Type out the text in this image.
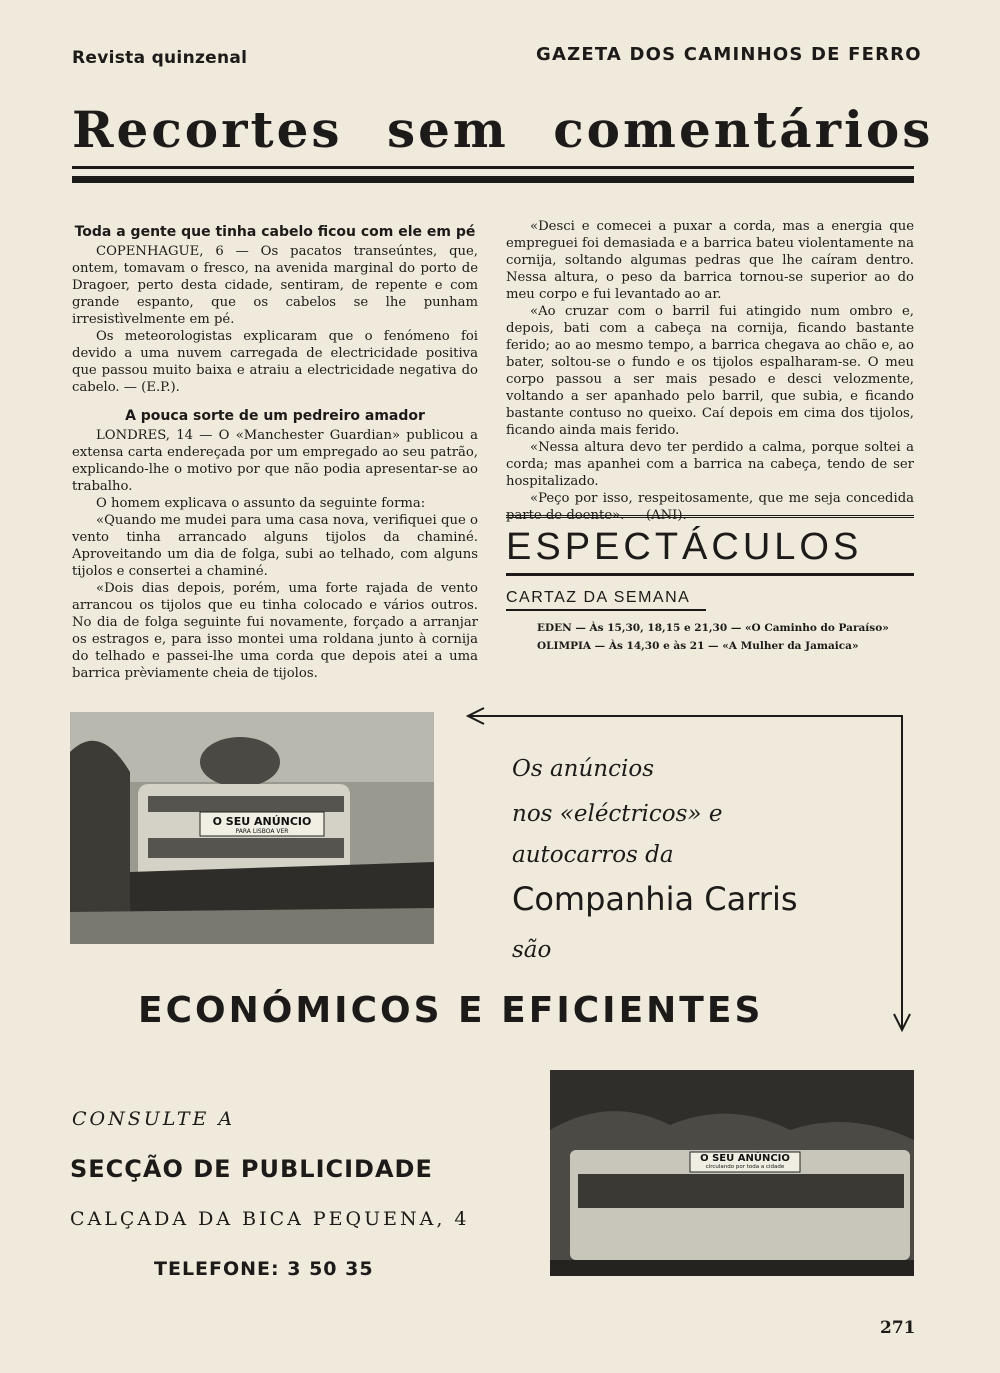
Revista quinzenal	GAZETA DOS CAMINHOS DE FERRO
Recortes sem comentários
Toda a gente que tinha cabelo ficou com ele em pé

COPENHAGUE, 6 — Os pacatos transeúntes, que, ontem, tomavam o fresco, na avenida marginal do porto de Dragoer, perto desta cidade, sentiram, de repente e com grande espanto, que os cabelos se lhe punham irresistìvelmente em pé.

Os meteorologistas explicaram que o fenómeno foi devido a uma nuvem carregada de electricidade positiva que passou muito baixa e atraiu a electricidade negativa do cabelo. — (E.P.).

A pouca sorte de um pedreiro amador

LONDRES, 14 — O «Manchester Guardian» publicou a extensa carta endereçada por um empregado ao seu patrão, explicando-lhe o motivo por que não podia apresentar-se ao trabalho.

O homem explicava o assunto da seguinte forma:

«Quando me mudei para uma casa nova, verifiquei que o vento tinha arrancado alguns tijolos da chaminé. Aproveitando um dia de folga, subi ao telhado, com alguns tijolos e consertei a chaminé.

«Dois dias depois, porém, uma forte rajada de vento arrancou os tijolos que eu tinha colocado e vários outros. No dia de folga seguinte fui novamente, forçado a arranjar os estragos e, para isso montei uma roldana junto à cornija do telhado e passei-lhe uma corda que depois atei a uma barrica prèviamente cheia de tijolos.

«Desci e comecei a puxar a corda, mas a energia que empreguei foi demasiada e a barrica bateu violentamente na cornija, soltando algumas pedras que lhe caíram dentro. Nessa altura, o peso da barrica tornou-se superior ao do meu corpo e fui levantado ao ar.

«Ao cruzar com o barril fui atingido num ombro e, depois, bati com a cabeça na cornija, ficando bastante ferido; ao ao mesmo tempo, a barrica chegava ao chão e, ao bater, soltou-se o fundo e os tijolos espalharam-se. O meu corpo passou a ser mais pesado e desci velozmente, voltando a ser apanhado pelo barril, que subia, e ficando bastante contuso no queixo. Caí depois em cima dos tijolos, ficando ainda mais ferido.

«Nessa altura devo ter perdido a calma, porque soltei a corda; mas apanhei com a barrica na cabeça, tendo de ser hospitalizado.

«Peço por isso, respeitosamente, que me seja concedida parte de doente». — (ANI).

ESPECTÁCULOS
CARTAZ DA SEMANA
EDEN — Às 15,30, 18,15 e 21,30 — «O Caminho do Paraíso»
OLIMPIA — Às 14,30 e às 21 — «A Mulher da Jamaica»
O SEU ANÚNCIO
PARA LISBOA VER
Os anúncios
nos «eléctricos» e
autocarros da
Companhia Carris
são
ECONÓMICOS E EFICIENTES
CONSULTE A
SECÇÃO DE PUBLICIDADE
CALÇADA DA BICA PEQUENA, 4
TELEFONE: 3 50 35
O SEU ANÚNCIO
circulando por toda a cidade
271
